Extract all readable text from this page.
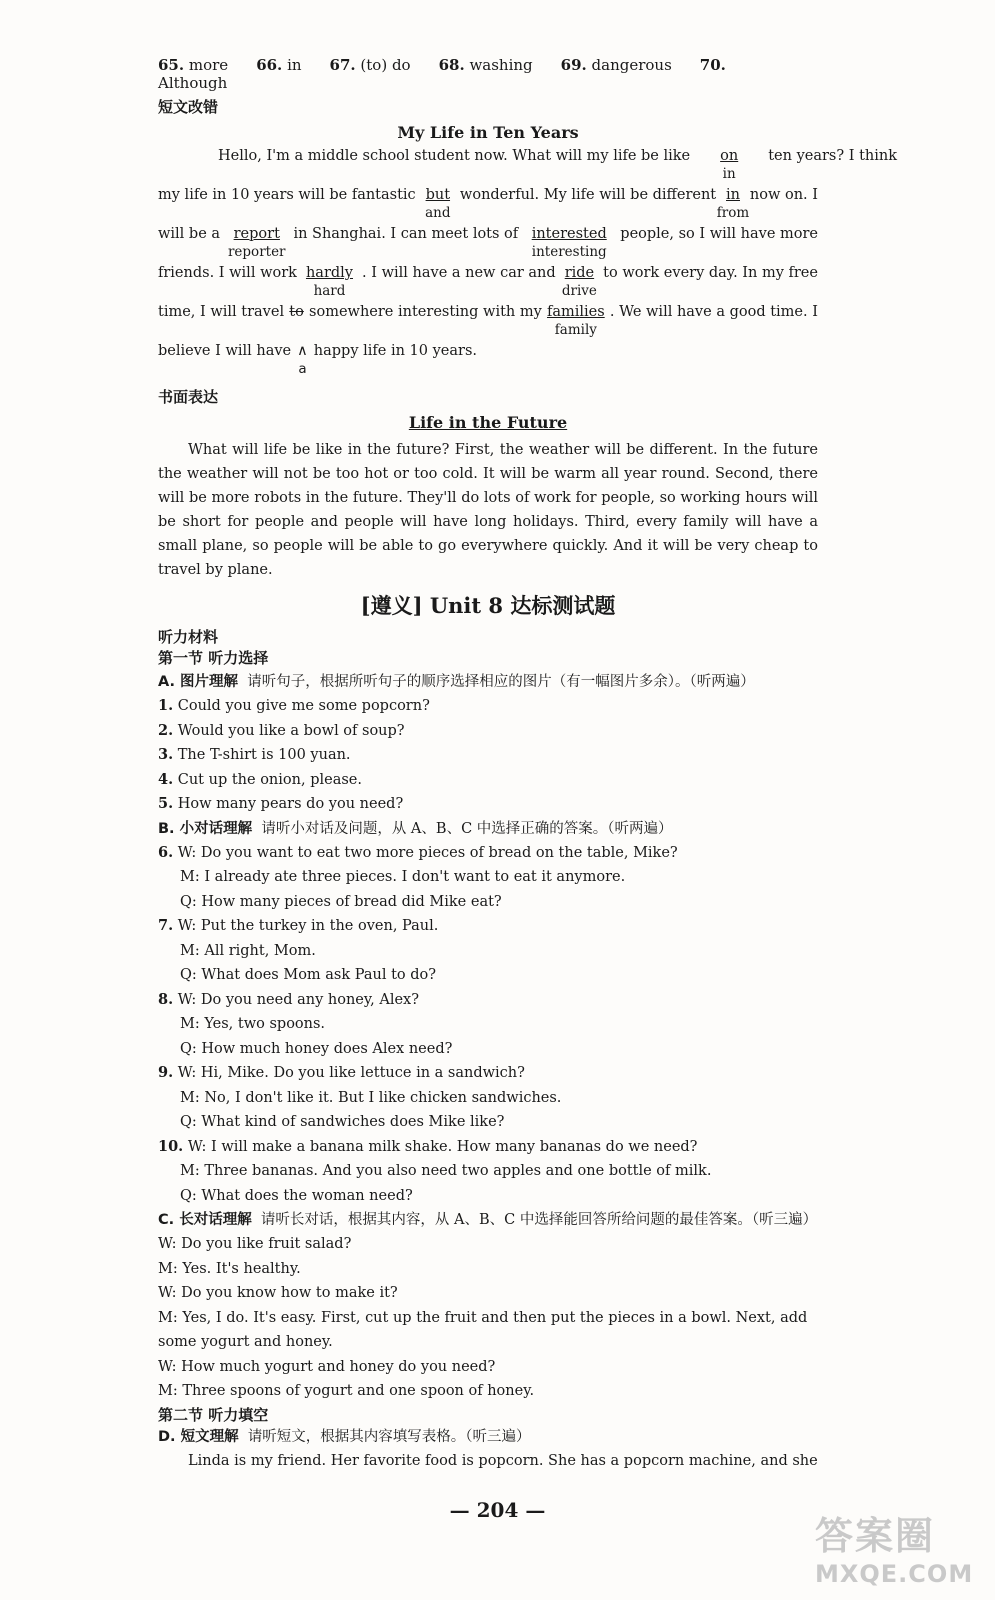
65. more 66. in 67. (to) do 68. washing 69. dangerous 70. Although
短文改错
My Life in Ten Years
Hello, I'm a middle school student now. What will my life be like	on
in
ten years? I think
my life in 10 years will be fantastic but
and
wonderful. My life will be different in
from
now on. I
will be a report
reporter
in Shanghai. I can meet lots of interested
interesting
people, so I will have more
friends. I will work hardly
hard
. I will have a new car and ride
drive
to work every day. In my free
time, I will travel to somewhere interesting with my families
family
. We will have a good time. I
believe I will have ∧
a
happy life in 10 years.
书面表达
Life in the Future

What will life be like in the future? First, the weather will be different. In the future the weather will not be too hot or too cold. It will be warm all year round. Second, there will be more robots in the future. They'll do lots of work for people, so working hours will be short for people and people will have long holidays. Third, every family will have a small plane, so people will be able to go everywhere quickly. And it will be very cheap to travel by plane.

[遵义] Unit 8 达标测试题
听力材料
第一节 听力选择

A. 图片理解 请听句子，根据所听句子的顺序选择相应的图片（有一幅图片多余）。（听两遍）

1. Could you give me some popcorn?

2. Would you like a bowl of soup?

3. The T-shirt is 100 yuan.

4. Cut up the onion, please.

5. How many pears do you need?

B. 小对话理解 请听小对话及问题，从 A、B、C 中选择正确的答案。（听两遍）

6. W: Do you want to eat two more pieces of bread on the table, Mike?

M: I already ate three pieces. I don't want to eat it anymore.

Q: How many pieces of bread did Mike eat?

7. W: Put the turkey in the oven, Paul.

M: All right, Mom.

Q: What does Mom ask Paul to do?

8. W: Do you need any honey, Alex?

M: Yes, two spoons.

Q: How much honey does Alex need?

9. W: Hi, Mike. Do you like lettuce in a sandwich?

M: No, I don't like it. But I like chicken sandwiches.

Q: What kind of sandwiches does Mike like?

10. W: I will make a banana milk shake. How many bananas do we need?

M: Three bananas. And you also need two apples and one bottle of milk.

Q: What does the woman need?

C. 长对话理解 请听长对话，根据其内容，从 A、B、C 中选择能回答所给问题的最佳答案。（听三遍）

W: Do you like fruit salad?

M: Yes. It's healthy.

W: Do you know how to make it?

M: Yes, I do. It's easy. First, cut up the fruit and then put the pieces in a bowl. Next, add some yogurt and honey.

W: How much yogurt and honey do you need?

M: Three spoons of yogurt and one spoon of honey.

第二节 听力填空

D. 短文理解 请听短文，根据其内容填写表格。（听三遍）

Linda is my friend. Her favorite food is popcorn. She has a popcorn machine, and she

— 204 —
答案圈
MXQE.COM
